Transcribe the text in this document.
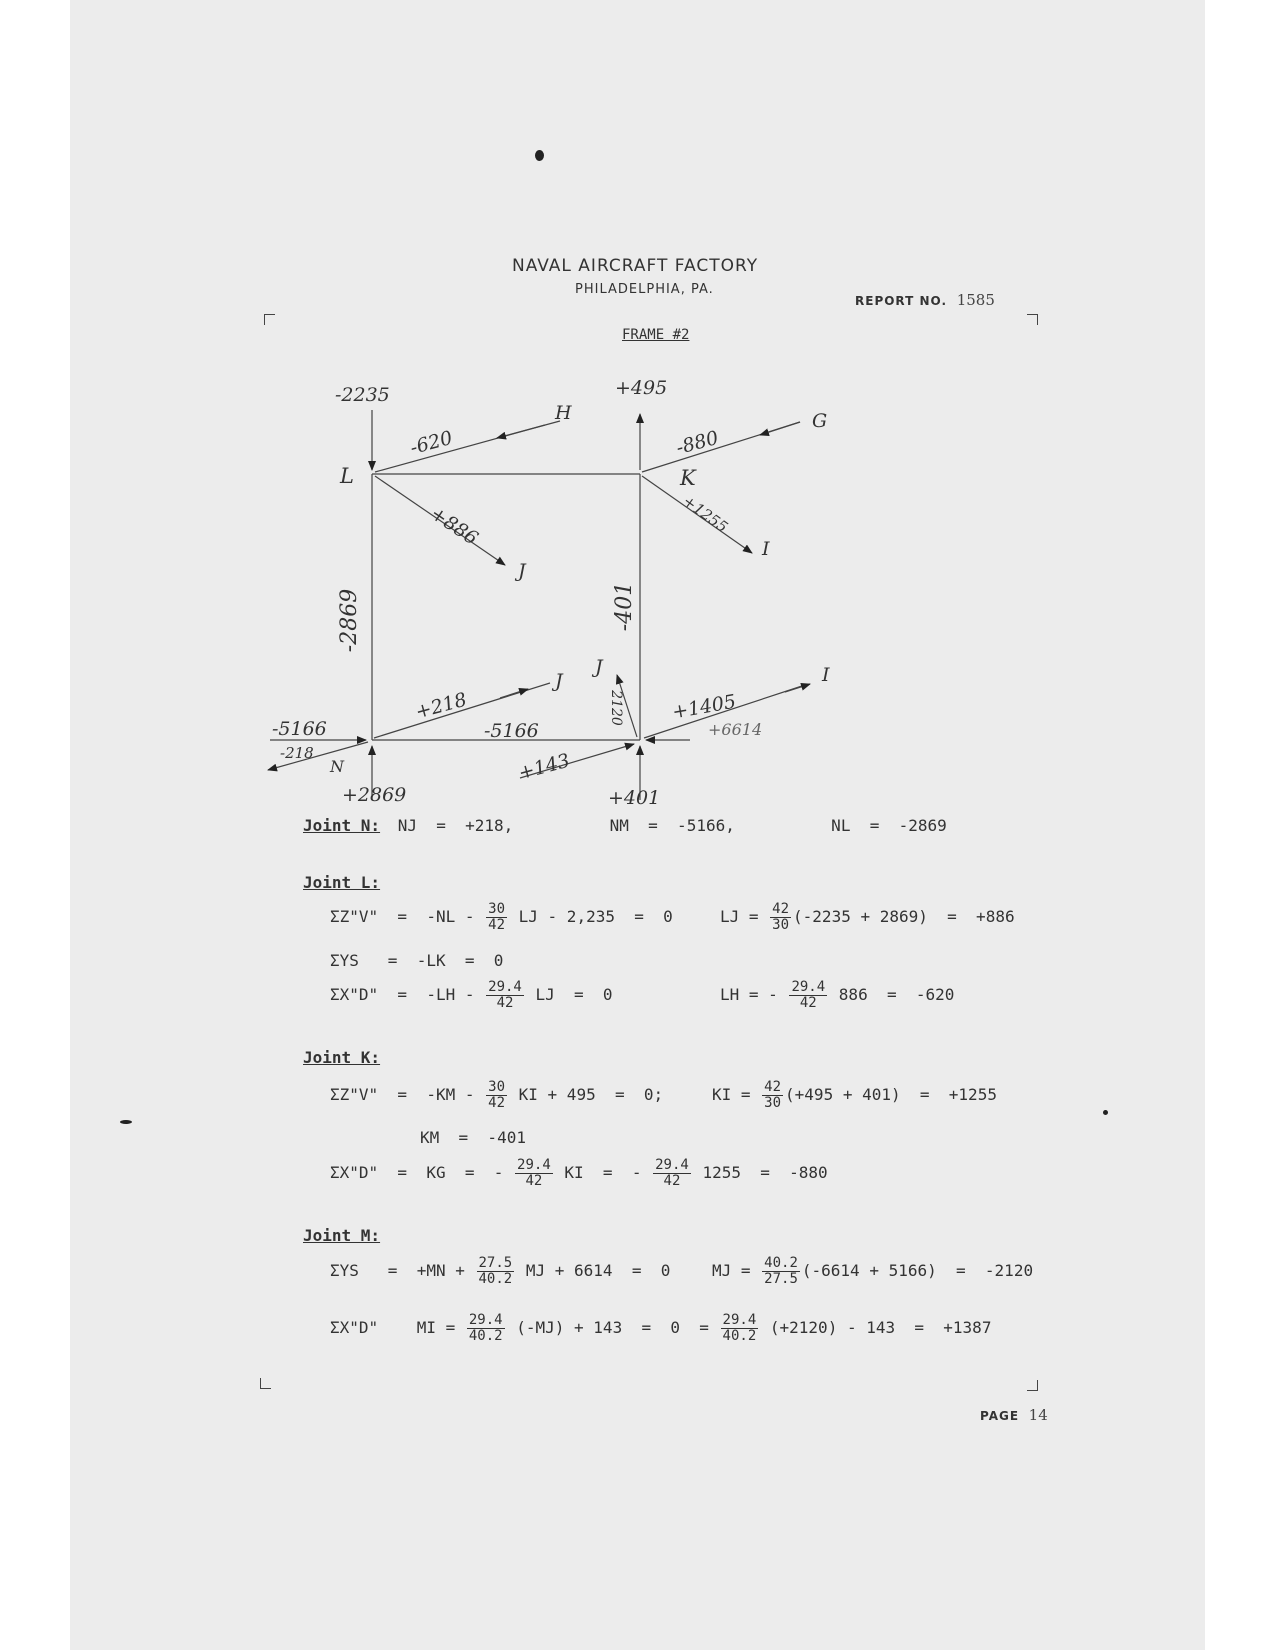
NAVAL AIRCRAFT FACTORY
PHILADELPHIA, PA.
REPORT NO. 1585
FRAME #2
-2235	+495
-620	-880
H	G
L	K
+886	+1255
J
I
-2869	-401
+218
J
J
2120 +1405
I
+6614
-5166
-5166
-218
N	+143
+2869	+401
Joint N: NJ  =  +218,          NM  =  -5166,          NL  =  -2869
Joint L:
ΣZ"V"  =  $-NL - \frac{30}{42}$ LJ - 2,235  =  0	LJ = $\frac{42}{30} (-2235 + 2869) = +886$
ΣYS   =  -LK  =  0
ΣX"D"  =  $-LH - \frac{29.4}{42}$ LJ  =  0	LH = - $\frac{29.4}{42} 886 = -620$
Joint K:
ΣZ"V"  =  $-KM - \frac{30}{42}$ KI + 495  =  0;	KI = $\frac{42}{30} (+495 + 401) = +1255$
KM  =  -401
ΣX"D"  =  KG  =  - $\frac{29.4}{42}$ KI  =  - $\frac{29.4}{42} 1255 = -880$
Joint M:
$\Sigma YS = +MN + \frac{27.5}{40.2}$ MJ + 6614  =  0	MJ = $\frac{40.2}{27.5} (-6614 + 5166) = -2120$
ΣX"D"    MI = $\frac{29.4}{40.2} (-MJ) + 143 = 0 = \frac{29.4}{40.2} (+2120) - 143 = +1387$
PAGE 14
